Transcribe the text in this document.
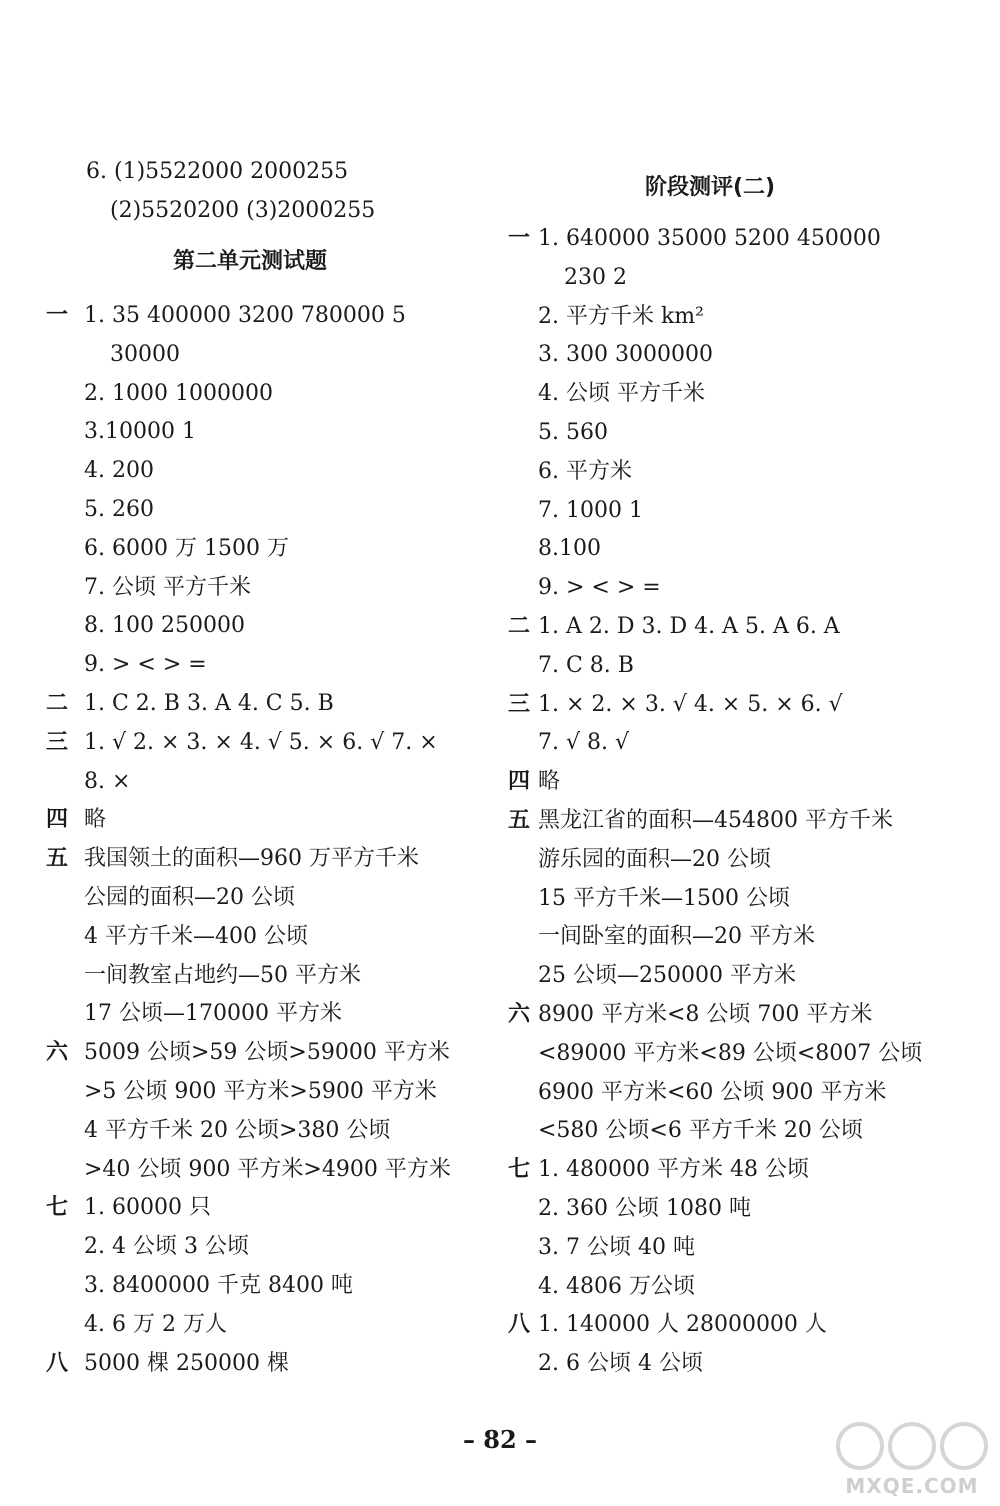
6. (1)5522000 2000255
(2)5520200 (3)2000255
第二单元测试题
一 1. 35 400000 3200 780000 5
30000
2. 1000 1000000
3.10000 1
4. 200
5. 260
6. 6000 万 1500 万
7. 公顷 平方千米
8. 100 250000
9. > < > =
二 1. C 2. B 3. A 4. C 5. B
三 1. √ 2. × 3. × 4. √ 5. × 6. √ 7. ×
8. ×
四 略
五 我国领土的面积—960 万平方千米
公园的面积—20 公顷
4 平方千米—400 公顷
一间教室占地约—50 平方米
17 公顷—170000 平方米
六 5009 公顷>59 公顷>59000 平方米
>5 公顷 900 平方米>5900 平方米
4 平方千米 20 公顷>380 公顷
>40 公顷 900 平方米>4900 平方米
七 1. 60000 只
2. 4 公顷 3 公顷
3. 8400000 千克 8400 吨
4. 6 万 2 万人
八 5000 棵 250000 棵
阶段测评(二)
一 1. 640000 35000 5200 450000
230 2
2. 平方千米 km²
3. 300 3000000
4. 公顷 平方千米
5. 560
6. 平方米
7. 1000 1
8.100
9. > < > =
二 1. A 2. D 3. D 4. A 5. A 6. A
7. C 8. B
三 1. × 2. × 3. √ 4. × 5. × 6. √
7. √ 8. √
四 略
五 黑龙江省的面积—454800 平方千米
游乐园的面积—20 公顷
15 平方千米—1500 公顷
一间卧室的面积—20 平方米
25 公顷—250000 平方米
六 8900 平方米<8 公顷 700 平方米
<89000 平方米<89 公顷<8007 公顷
6900 平方米<60 公顷 900 平方米
<580 公顷<6 平方千米 20 公顷
七 1. 480000 平方米 48 公顷
2. 360 公顷 1080 吨
3. 7 公顷 40 吨
4. 4806 万公顷
八 1. 140000 人 28000000 人
2. 6 公顷 4 公顷
– 82 –
MXQE.COM
